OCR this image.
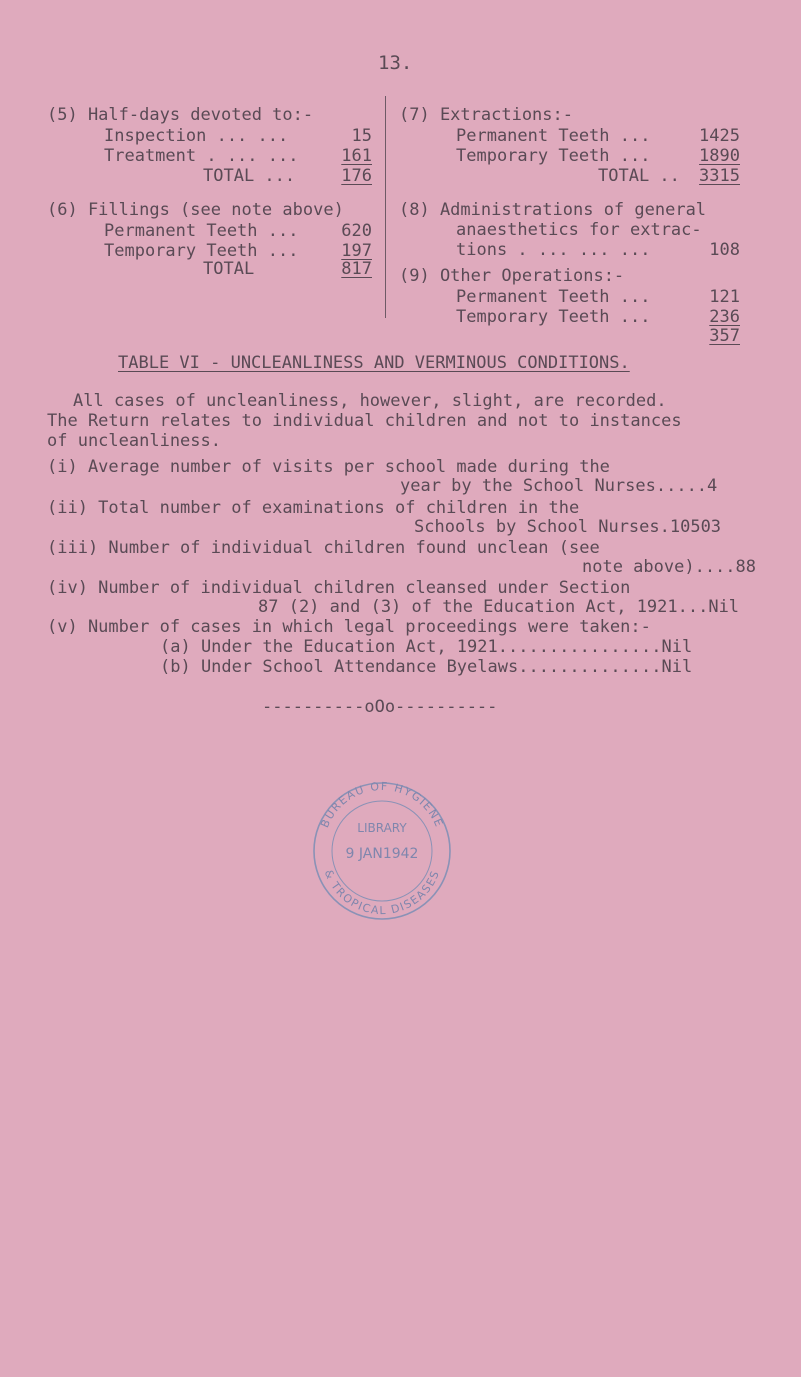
13.
(5) Half-days devoted to:-
Inspection ... ...	15
Treatment . ... ...	161
TOTAL ...	176
(6) Fillings (see note above)
Permanent Teeth ...	620
Temporary Teeth ...	197
TOTAL	817
(7) Extractions:-
Permanent Teeth ...	1425
Temporary Teeth ...	1890
TOTAL ..	3315
(8) Administrations of general
anaesthetics for extrac-
tions . ... ... ...	108
(9) Other Operations:-
Permanent Teeth ...	121
Temporary Teeth ...	236
357
TABLE VI - UNCLEANLINESS AND VERMINOUS CONDITIONS.
All cases of uncleanliness, however, slight, are recorded.
The Return relates to individual children and not to instances
of uncleanliness.
(i) Average number of visits per school made during the
year by the School Nurses.....4
(ii) Total number of examinations of children in the
Schools by School Nurses.10503
(iii) Number of individual children found unclean (see
note above)....88
(iv) Number of individual children cleansed under Section
87 (2) and (3) of the Education Act, 1921...Nil
(v) Number of cases in which legal proceedings were taken:-
(a) Under the Education Act, 1921................Nil
(b) Under School Attendance Byelaws..............Nil
----------oOo----------
BUREAU OF HYGIENE
LIBRARY
9 JAN1942
& TROPICAL DISEASES
